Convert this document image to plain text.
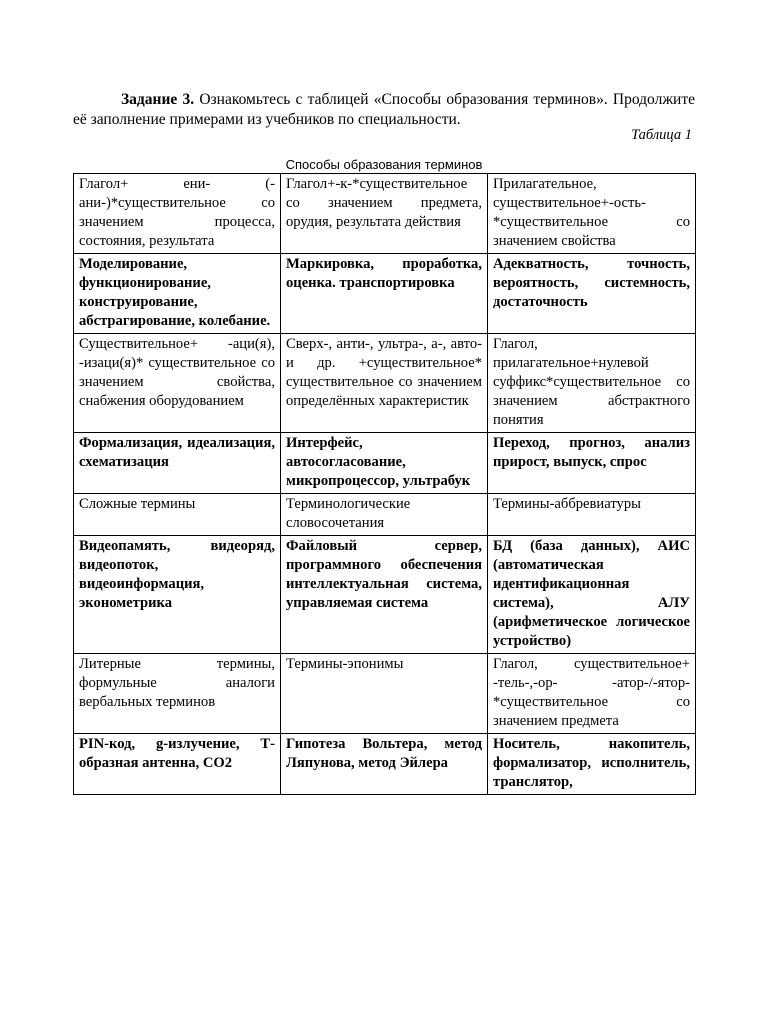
Задание 3. Ознакомьтесь с таблицей «Способы образования терминов». Продолжите её заполнение примерами из учебников по специальности.
Таблица 1
Способы образования терминов
Глагол+ ени- (-ани-)*существительное со значением процесса, состояния, результата	Глагол+-к-*существительное со значением предмета, орудия, результата действия	Прилагательное, существительное+-ость-*существительное со значением свойства
Моделирование, функционирование, конструирование, абстрагирование, колебание.	Маркировка, проработка, оценка. транспортировка	Адекватность, точность, вероятность, системность, достаточность
Существительное+ -аци(я), -изаци(я)* существительное со значением свойства, снабжения оборудованием	Сверх-, анти-, ультра-, а-, авто- и др. +существительное* существительное со значением определённых характеристик	Глагол, прилагательное+нулевой суффикс*существительное со значением абстрактного понятия
Формализация, идеализация, схематизация	Интерфейс, автосогласование, микропроцессор, ультрабук	Переход, прогноз, анализ прирост, выпуск, спрос
Сложные термины	Терминологические словосочетания	Термины-аббревиатуры
Видеопамять, видеоряд, видеопоток, видеоинформация, эконометрика	Файловый сервер, программного обеспечения интеллектуальная система, управляемая система	БД (база данных), АИС (автоматическая идентификационная система), АЛУ (арифметическое логическое устройство)
Литерные термины, формульные аналоги вербальных терминов	Термины-эпонимы	Глагол, существительное+ -тель-,-ор- -атор-/-ятор-*существительное со значением предмета
PIN-код, g-излучение, Т-образная антенна, СО2	Гипотеза Вольтера, метод Ляпунова, метод Эйлера	Носитель, накопитель, формализатор, исполнитель, транслятор,
